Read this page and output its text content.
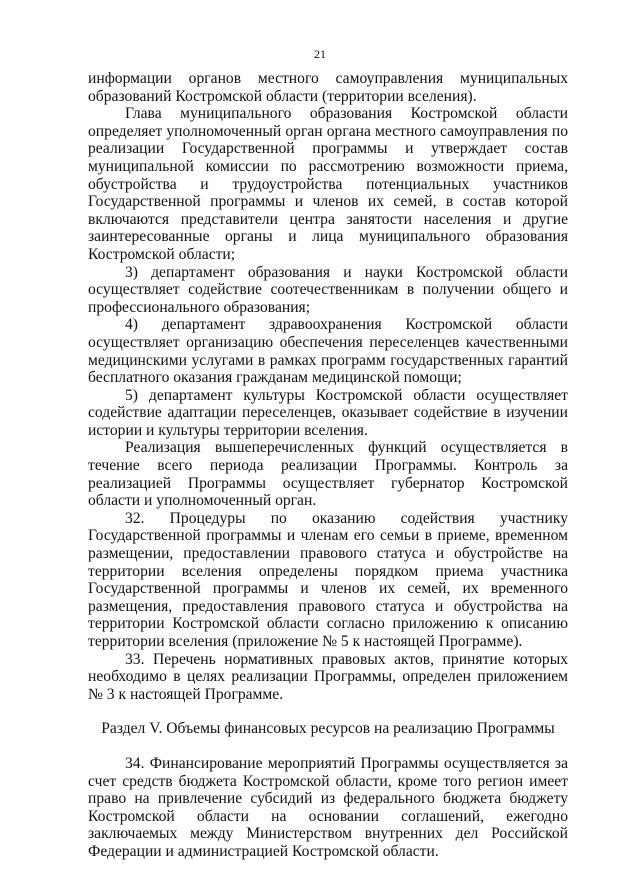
21

информации органов местного самоуправления муниципальных образований Костромской области (территории вселения).

Глава муниципального образования Костромской области определяет уполномоченный орган органа местного самоуправления по реализации Государственной программы и утверждает состав муниципальной комиссии по рассмотрению возможности приема, обустройства и трудоустройства потенциальных участников Государственной программы и членов их семей, в состав которой включаются представители центра занятости населения и другие заинтересованные органы и лица муниципального образования Костромской области;

3) департамент образования и науки Костромской области осуществляет содействие соотечественникам в получении общего и профессионального образования;

4) департамент здравоохранения Костромской области осуществляет организацию обеспечения переселенцев качественными медицинскими услугами в рамках программ государственных гарантий бесплатного оказания гражданам медицинской помощи;

5) департамент культуры Костромской области осуществляет содействие адаптации переселенцев, оказывает содействие в изучении истории и культуры территории вселения.

Реализация вышеперечисленных функций осуществляется в течение всего периода реализации Программы. Контроль за реализацией Программы осуществляет губернатор Костромской области и уполномоченный орган.

32. Процедуры по оказанию содействия участнику Государственной программы и членам его семьи в приеме, временном размещении, предоставлении правового статуса и обустройстве на территории вселения определены порядком приема участника Государственной программы и членов их семей, их временного размещения, предоставления правового статуса и обустройства на территории Костромской области согласно приложению к описанию территории вселения (приложение № 5 к настоящей Программе).

33. Перечень нормативных правовых актов, принятие которых необходимо в целях реализации Программы, определен приложением № 3 к настоящей Программе.

Раздел V. Объемы финансовых ресурсов на реализацию Программы

34. Финансирование мероприятий Программы осуществляется за счет средств бюджета Костромской области, кроме того регион имеет право на привлечение субсидий из федерального бюджета бюджету Костромской области на основании соглашений, ежегодно заключаемых между Министерством внутренних дел Российской Федерации и администрацией Костромской области.
